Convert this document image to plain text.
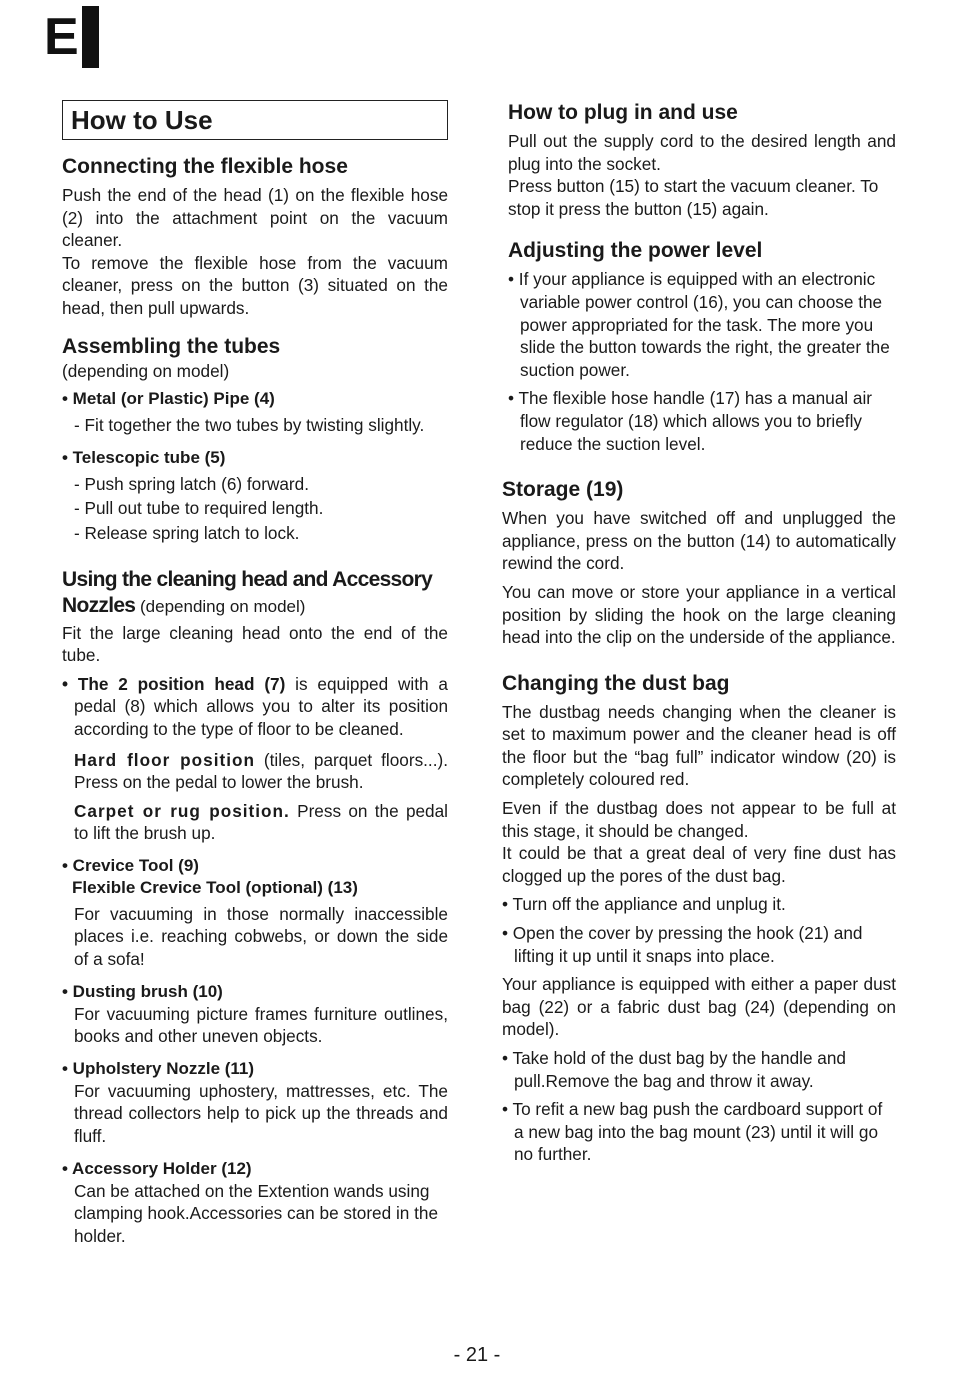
E
How to Use
Connecting the flexible hose

Push the end of the head (1) on the flexible hose (2) into the attachment point on the vacuum cleaner.

To remove the flexible hose from the vacuum cleaner, press on the button (3) situated on the head, then pull upwards.

Assembling the tubes

(depending on model)

• Metal (or Plastic) Pipe (4)

- Fit together the two tubes by twisting slightly.

• Telescopic tube (5)

- Push spring latch (6) forward.

- Pull out tube to required length.

- Release spring latch to lock.

Using the cleaning head and Accessory
Nozzles (depending on model)

Fit the large cleaning head onto the end of the tube.

• The 2 position head (7) is equipped with a pedal (8) which allows you to alter its position according to the type of floor to be cleaned.

Hard floor position (tiles, parquet floors...). Press on the pedal to lower the brush.

Carpet or rug position. Press on the pedal to lift the brush up.

• Crevice Tool (9)
Flexible Crevice Tool (optional) (13)

For vacuuming in those normally inaccessible places i.e. reaching cobwebs, or down the side of a sofa!

• Dusting brush (10)

For vacuuming picture frames furniture outlines, books and other uneven objects.

• Upholstery Nozzle (11)

For vacuuming uphostery, mattresses, etc. The thread collectors help to pick up the threads and fluff.

• Accessory Holder (12)

Can be attached on the Extention wands using clamping hook.Accessories can be stored in the holder.

How to plug in and use

Pull out the supply cord to the desired length and plug into the socket.

Press button (15) to start the vacuum cleaner. To stop it press the button (15) again.

Adjusting the power level

• If your appliance is equipped with an electronic variable power control (16), you can choose the power appropriated for the task. The more you slide the button towards the right, the greater the suction power.

• The flexible hose handle (17) has a manual air flow regulator (18) which allows you to briefly reduce the suction level.

Storage (19)

When you have switched off and unplugged the appliance, press on the button (14) to automatically rewind the cord.

You can move or store your appliance in a vertical position by sliding the hook on the large cleaning head into the clip on the underside of the appliance.

Changing the dust bag

The dustbag needs changing when the cleaner is set to maximum power and the cleaner head is off the floor but the “bag full” indicator window (20) is completely coloured red.

Even if the dustbag does not appear to be full at this stage, it should be changed.

It could be that a great deal of very fine dust has clogged up the pores of the dust bag.

• Turn off the appliance and unplug it.

• Open the cover by pressing the hook (21) and lifting it up until it snaps into place.

Your appliance is equipped with either a paper dust bag (22) or a fabric dust bag (24) (depending on model).

• Take hold of the dust bag by the handle and pull.Remove the bag and throw it away.

• To refit a new bag push the cardboard support of a new bag into the bag mount (23) until it will go no further.

- 21 -
